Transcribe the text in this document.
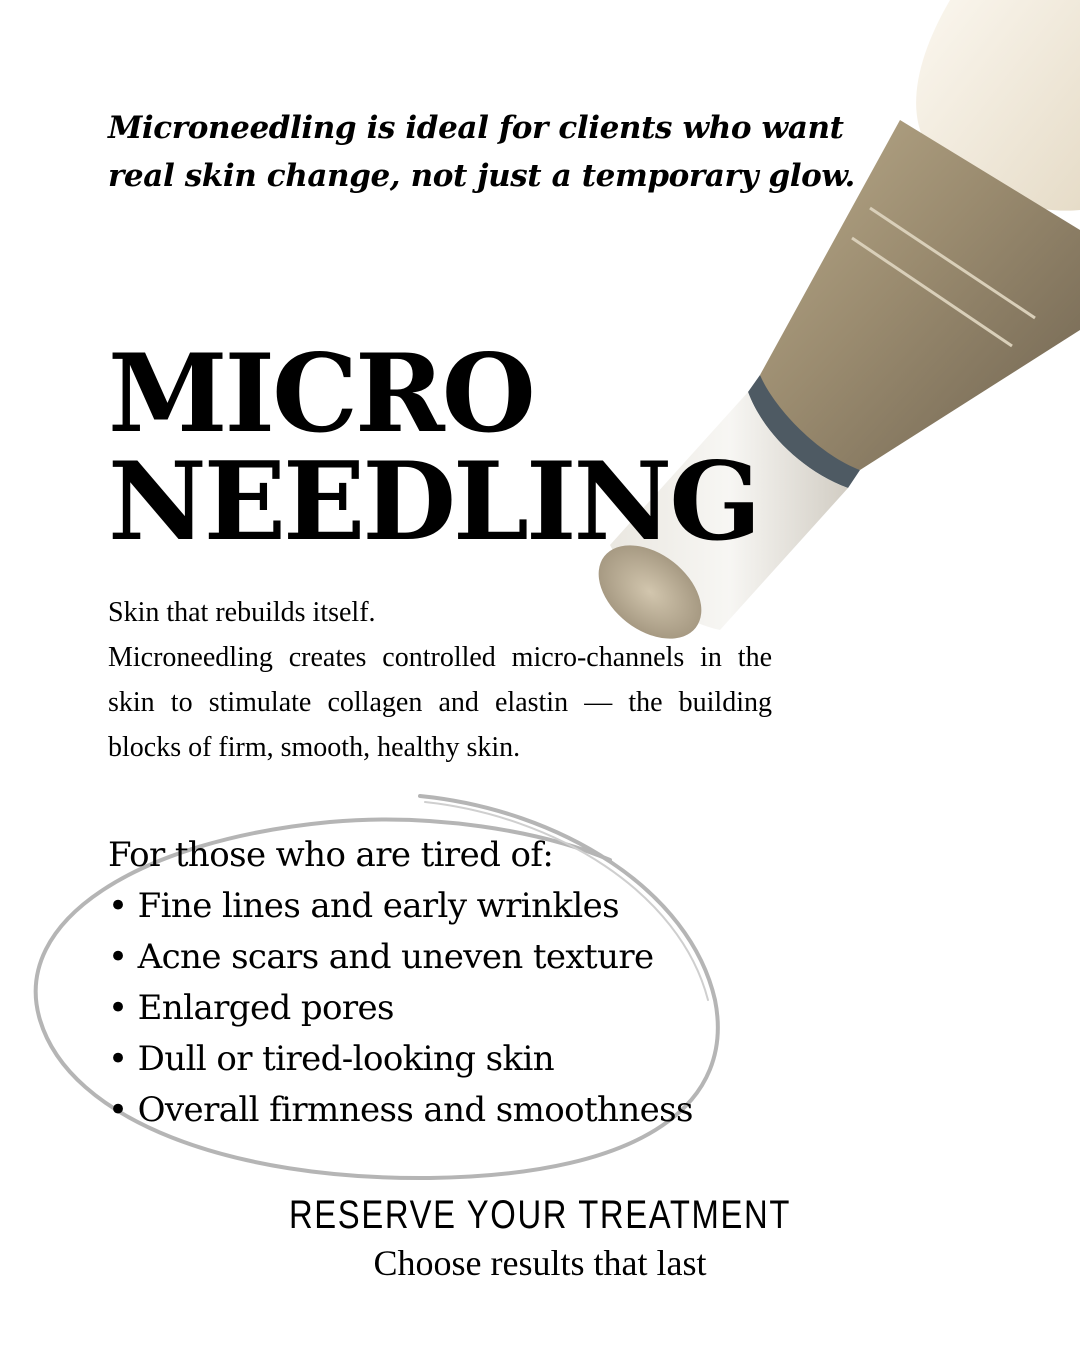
Microneedling is ideal for clients who want
real skin change, not just a temporary glow.
MICRO
NEEDLING
Skin that rebuilds itself.
Microneedling creates controlled micro-channels in the skin to stimulate collagen and elastin — the building blocks of firm, smooth, healthy skin.
For those who are tired of:
• Fine lines and early wrinkles
• Acne scars and uneven texture
• Enlarged pores
• Dull or tired-looking skin
• Overall firmness and smoothness
RESERVE YOUR TREATMENT
Choose results that last
